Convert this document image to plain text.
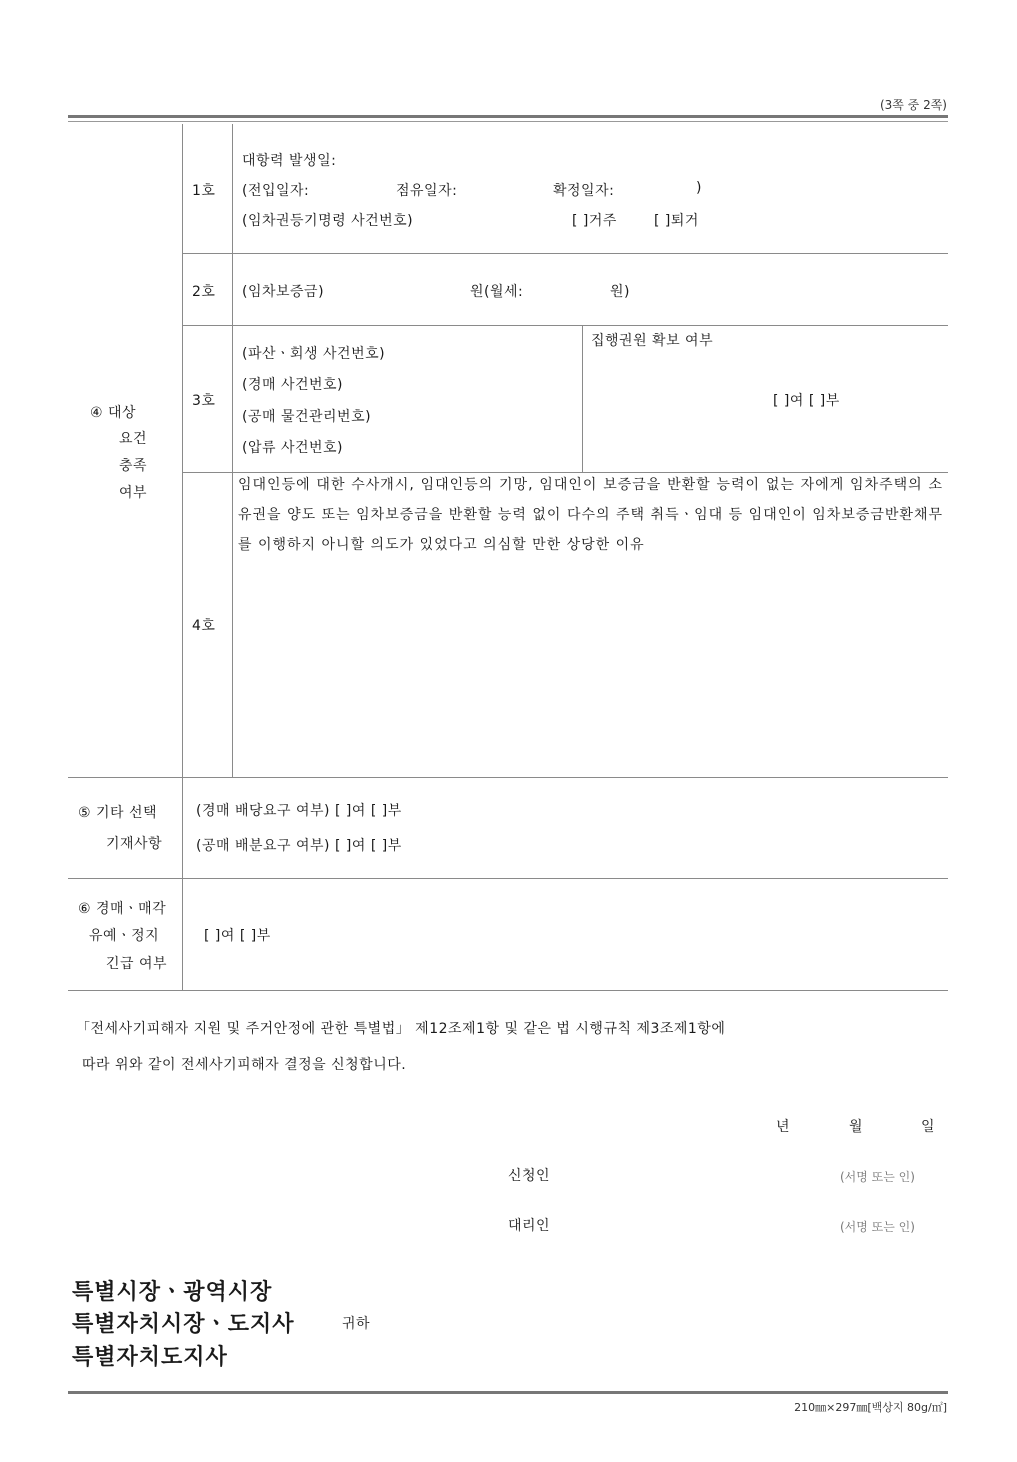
(3쪽 중 2쪽)
④ 대상
요건
충족
여부
1호
대항력 발생일:
(전입일자:	점유일자:	확정일자:	)
(임차권등기명령 사건번호)	[ ]거주	[ ]퇴거
2호 (임차보증금)	원(월세:	원)
3호
(파산ㆍ회생 사건번호)
(경매 사건번호)
(공매 물건관리번호)
(압류 사건번호)
집행권원 확보 여부
[ ]여 [ ]부
4호
임대인등에 대한 수사개시, 임대인등의 기망, 임대인이 보증금을 반환할 능력이 없는 자에게 임차주택의 소유권을 양도 또는 임차보증금을 반환할 능력 없이 다수의 주택 취득ㆍ임대 등 임대인이 임차보증금반환채무를 이행하지 아니할 의도가 있었다고 의심할 만한 상당한 이유
⑤ 기타 선택
기재사항
(경매 배당요구 여부) [ ]여 [ ]부
(공매 배분요구 여부) [ ]여 [ ]부
⑥ 경매ㆍ매각
유예ㆍ정지
긴급 여부
[ ]여 [ ]부
「전세사기피해자 지원 및 주거안정에 관한 특별법」 제12조제1항 및 같은 법 시행규칙 제3조제1항에
따라 위와 같이 전세사기피해자 결정을 신청합니다.
년	월	일
신청인	(서명 또는 인)
대리인	(서명 또는 인)
특별시장ㆍ광역시장
특별자치시장ㆍ도지사	귀하
특별자치도지사
210㎜×297㎜[백상지 80g/㎡]
